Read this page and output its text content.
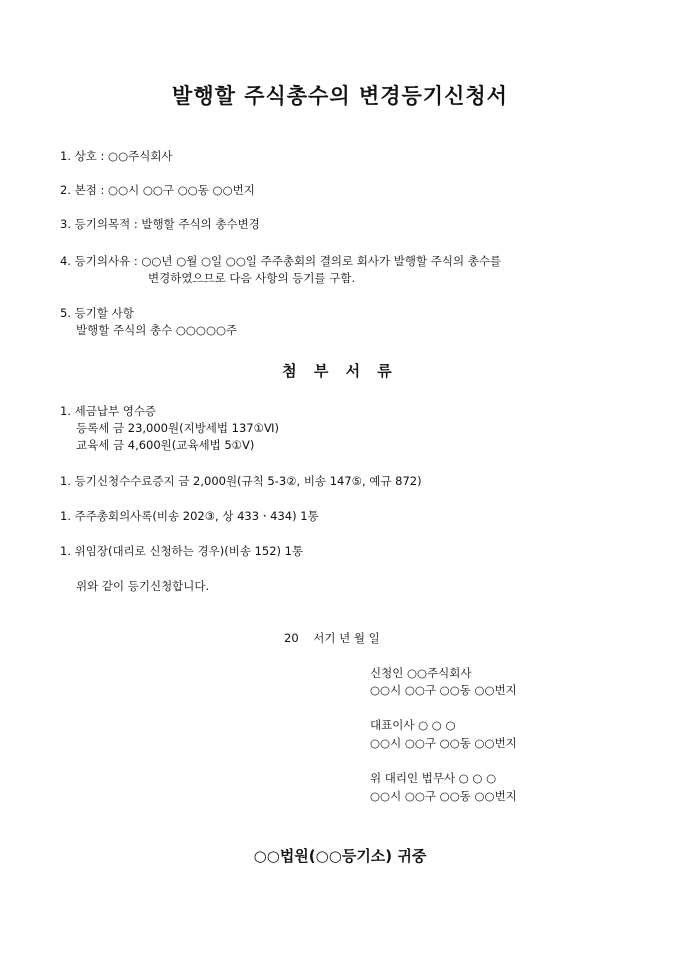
발행할 주식총수의 변경등기신청서
1. 상호 : ○○주식회사
2. 본점 : ○○시 ○○구 ○○동 ○○번지
3. 등기의목적 : 발행할 주식의 총수변경
4. 등기의사유 : ○○년 ○월 ○일 ○○일 주주총회의 결의로 회사가 발행할 주식의 총수를
변경하였으므로 다음 사항의 등기를 구함.
5. 등기할 사항
발행할 주식의 총수 ○○○○○주
첨 부 서 류
1. 세금납부 영수증
등록세 금 23,000원(지방세법 137①Ⅵ)
교육세 금 4,600원(교육세법 5①Ⅴ)
1. 등기신청수수료증지 금 2,000원(규칙 5-3②, 비송 147⑤, 예규 872)
1. 주주총회의사록(비송 202③, 상 433ㆍ434) 1통
1. 위임장(대리로 신청하는 경우)(비송 152) 1통
위와 같이 등기신청합니다.
20    서기 년 월 일
신청인 ○○주식회사
○○시 ○○구 ○○동 ○○번지
대표이사 ○ ○ ○
○○시 ○○구 ○○동 ○○번지
위 대리인 법무사 ○ ○ ○
○○시 ○○구 ○○동 ○○번지
○○법원(○○등기소) 귀중
